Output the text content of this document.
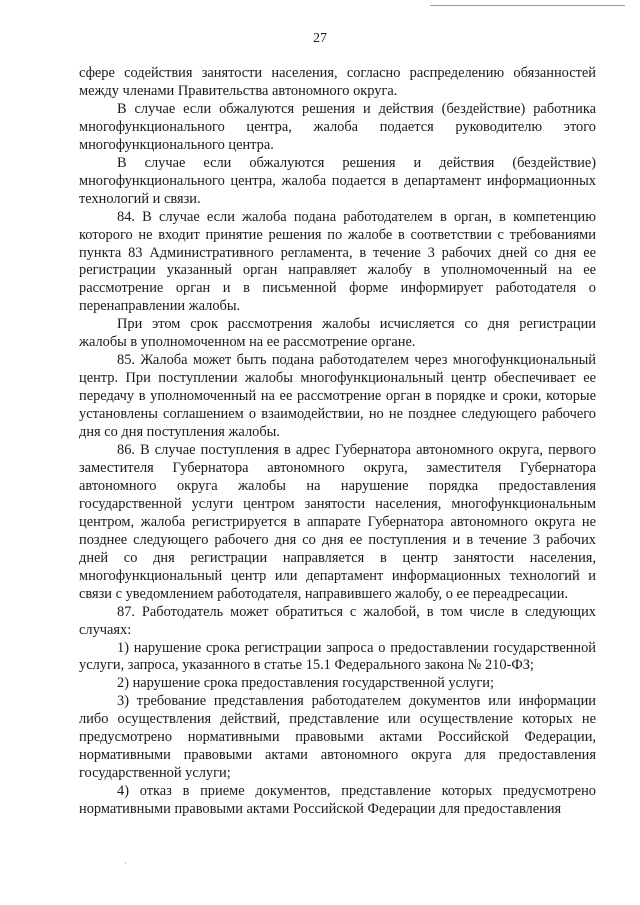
27

сфере содействия занятости населения, согласно распределению обязанностей между членами Правительства автономного округа.

В случае если обжалуются решения и действия (бездействие) работника многофункционального центра, жалоба подается руководителю этого многофункционального центра.

В случае если обжалуются решения и действия (бездействие) многофункционального центра, жалоба подается в департамент информационных технологий и связи.

84. В случае если жалоба подана работодателем в орган, в компетенцию которого не входит принятие решения по жалобе в соответствии с требованиями пункта 83 Административного регламента, в течение 3 рабочих дней со дня ее регистрации указанный орган направляет жалобу в уполномоченный на ее рассмотрение орган и в письменной форме информирует работодателя о перенаправлении жалобы.

При этом срок рассмотрения жалобы исчисляется со дня регистрации жалобы в уполномоченном на ее рассмотрение органе.

85. Жалоба может быть подана работодателем через многофункциональный центр. При поступлении жалобы многофункциональный центр обеспечивает ее передачу в уполномоченный на ее рассмотрение орган в порядке и сроки, которые установлены соглашением о взаимодействии, но не позднее следующего рабочего дня со дня поступления жалобы.

86. В случае поступления в адрес Губернатора автономного округа, первого заместителя Губернатора автономного округа, заместителя Губернатора автономного округа жалобы на нарушение порядка предоставления государственной услуги центром занятости населения, многофункциональным центром, жалоба регистрируется в аппарате Губернатора автономного округа не позднее следующего рабочего дня со дня ее поступления и в течение 3 рабочих дней со дня регистрации направляется в центр занятости населения, многофункциональный центр или департамент информационных технологий и связи с уведомлением работодателя, направившего жалобу, о ее переадресации.

87. Работодатель может обратиться с жалобой, в том числе в следующих случаях:

1) нарушение срока регистрации запроса о предоставлении государственной услуги, запроса, указанного в статье 15.1 Федерального закона № 210-ФЗ;

2) нарушение срока предоставления государственной услуги;

3) требование представления работодателем документов или информации либо осуществления действий, представление или осуществление которых не предусмотрено нормативными правовыми актами Российской Федерации, нормативными правовыми актами автономного округа для предоставления государственной услуги;

4) отказ в приеме документов, представление которых предусмотрено нормативными правовыми актами Российской Федерации для предоставления
